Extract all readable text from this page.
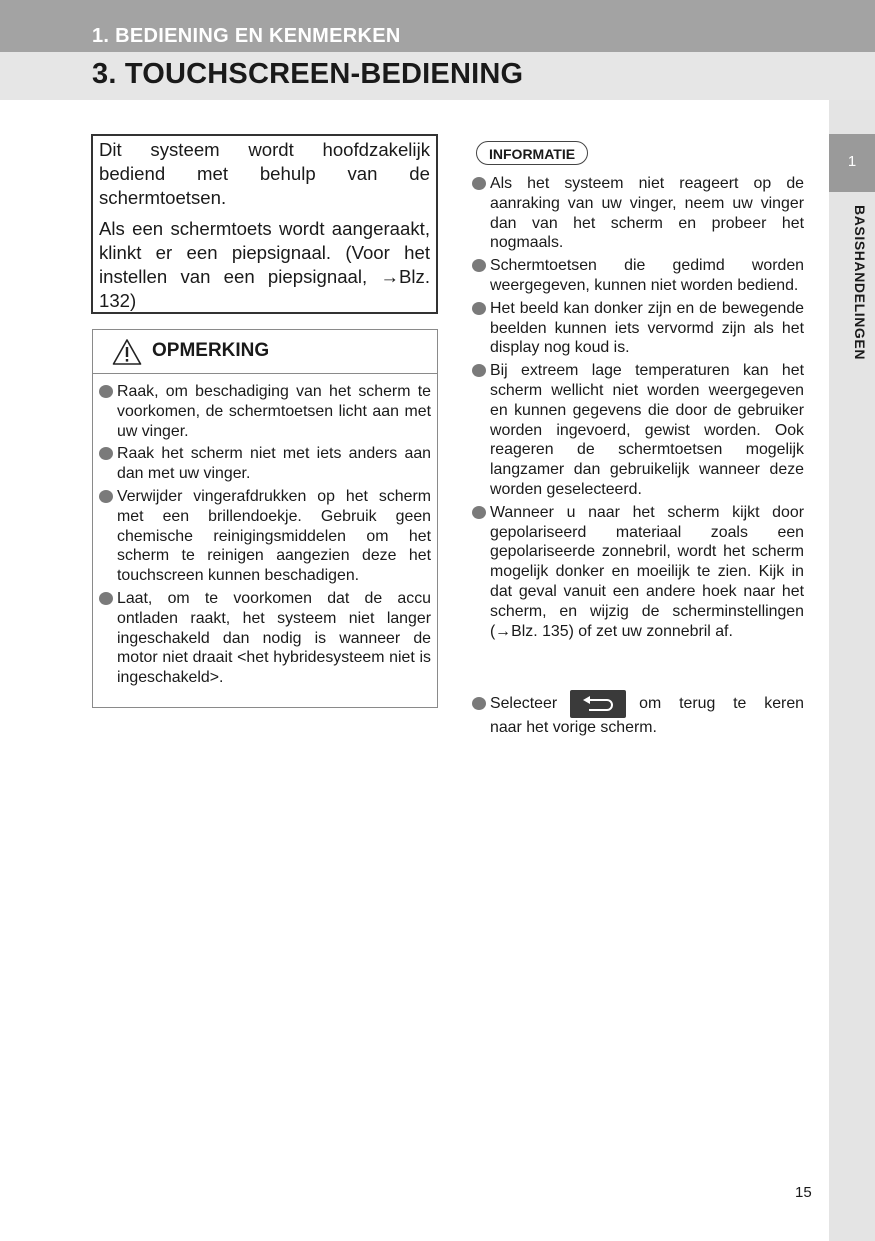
1. BEDIENING EN KENMERKEN
3. TOUCHSCREEN-BEDIENING
1
BASISHANDELINGEN

Dit systeem wordt hoofdzakelijk bediend met behulp van de schermtoetsen.

Als een schermtoets wordt aangeraakt, klinkt er een piepsignaal. (Voor het instellen van een piepsignaal, →Blz. 132)

OPMERKING
Raak, om beschadiging van het scherm te voorkomen, de schermtoetsen licht aan met uw vinger.
Raak het scherm niet met iets anders aan dan met uw vinger.
Verwijder vingerafdrukken op het scherm met een brillendoekje. Gebruik geen chemische reinigingsmiddelen om het scherm te reinigen aangezien deze het touchscreen kunnen beschadigen.
Laat, om te voorkomen dat de accu ontladen raakt, het systeem niet langer ingeschakeld dan nodig is wanneer de motor niet draait <het hybridesysteem niet is ingeschakeld>.
INFORMATIE
Als het systeem niet reageert op de aanraking van uw vinger, neem uw vinger dan van het scherm en probeer het nogmaals.
Schermtoetsen die gedimd worden weergegeven, kunnen niet worden bediend.
Het beeld kan donker zijn en de bewegende beelden kunnen iets vervormd zijn als het display nog koud is.
Bij extreem lage temperaturen kan het scherm wellicht niet worden weergegeven en kunnen gegevens die door de gebruiker worden ingevoerd, gewist worden. Ook reageren de schermtoetsen mogelijk langzamer dan gebruikelijk wanneer deze worden geselecteerd.
Wanneer u naar het scherm kijkt door gepolariseerd materiaal zoals een gepolariseerde zonnebril, wordt het scherm mogelijk donker en moeilijk te zien. Kijk in dat geval vanuit een andere hoek naar het scherm, en wijzig de scherminstellingen (→Blz. 135) of zet uw zonnebril af.
Selecteer	om terug te keren
naar het vorige scherm.
15
